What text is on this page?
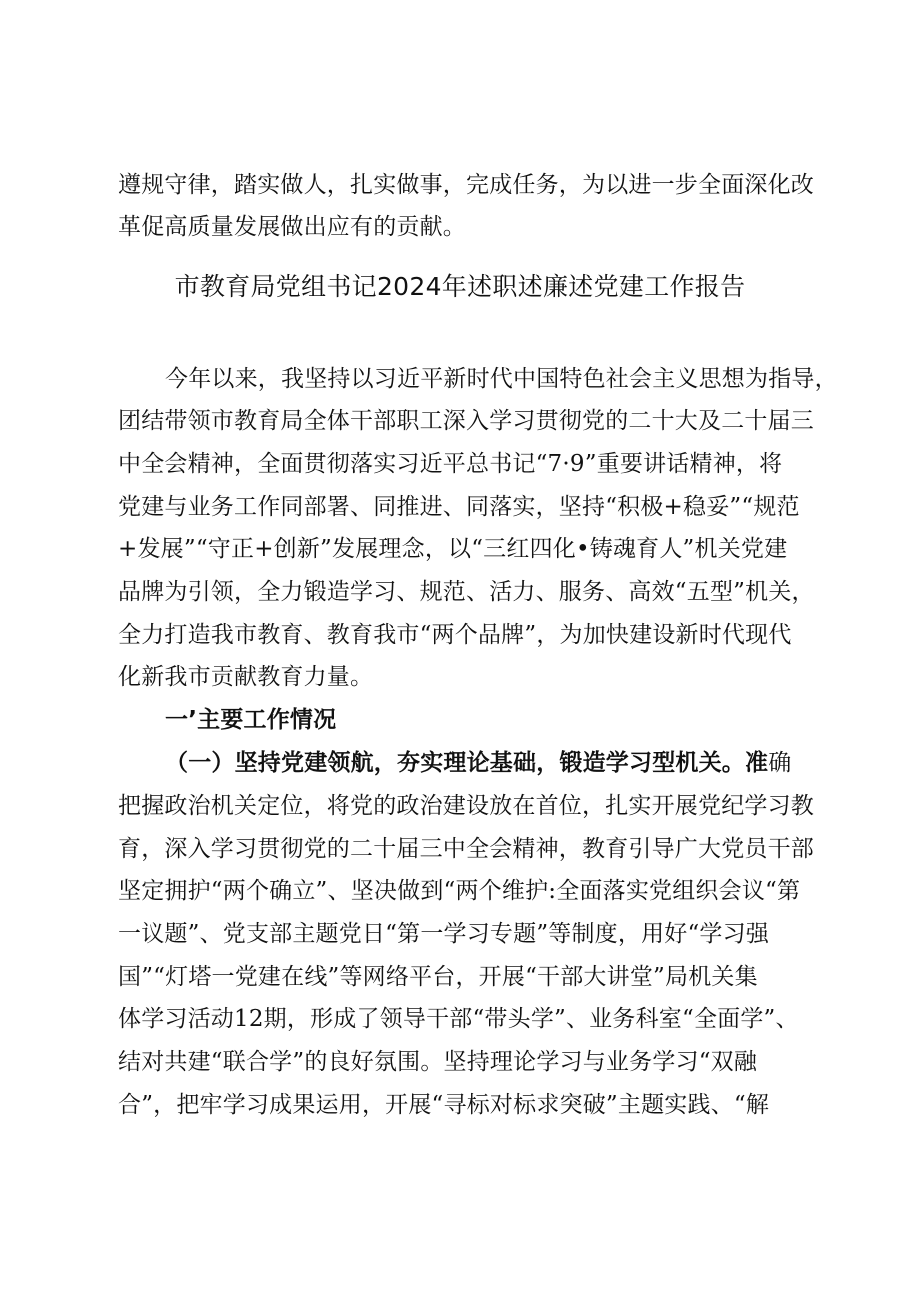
遵规守律，踏实做人，扎实做事，完成任务，为以进一步全面深化改
革促高质量发展做出应有的贡献。
市教育局党组书记2024年述职述廉述党建工作报告
今年以来，我坚持以习近平新时代中国特色社会主义思想为指导，
团结带领市教育局全体干部职工深入学习贯彻党的二十大及二十届三
中全会精神，全面贯彻落实习近平总书记“7·9”重要讲话精神，将
党建与业务工作同部署、同推进、同落实，坚持“积极+稳妥”“规范
+发展”“守正+创新”发展理念，以“三红四化•铸魂育人”机关党建
品牌为引领，全力锻造学习、规范、活力、服务、高效“五型”机关，
全力打造我市教育、教育我市“两个品牌”，为加快建设新时代现代
化新我市贡献教育力量。
一’主要工作情况
（一）坚持党建领航，夯实理论基础，锻造学习型机关。准确
把握政治机关定位，将党的政治建设放在首位，扎实开展党纪学习教
育，深入学习贯彻党的二十届三中全会精神，教育引导广大党员干部
坚定拥护“两个确立”、坚决做到“两个维护:全面落实党组织会议“第
一议题”、党支部主题党日“第一学习专题”等制度，用好“学习强
国”“灯塔一党建在线”等网络平台，开展“干部大讲堂”局机关集
体学习活动12期，形成了领导干部“带头学”、业务科室“全面学”、
结对共建“联合学”的良好氛围。坚持理论学习与业务学习“双融
合”，把牢学习成果运用，开展“寻标对标求突破”主题实践、“解
